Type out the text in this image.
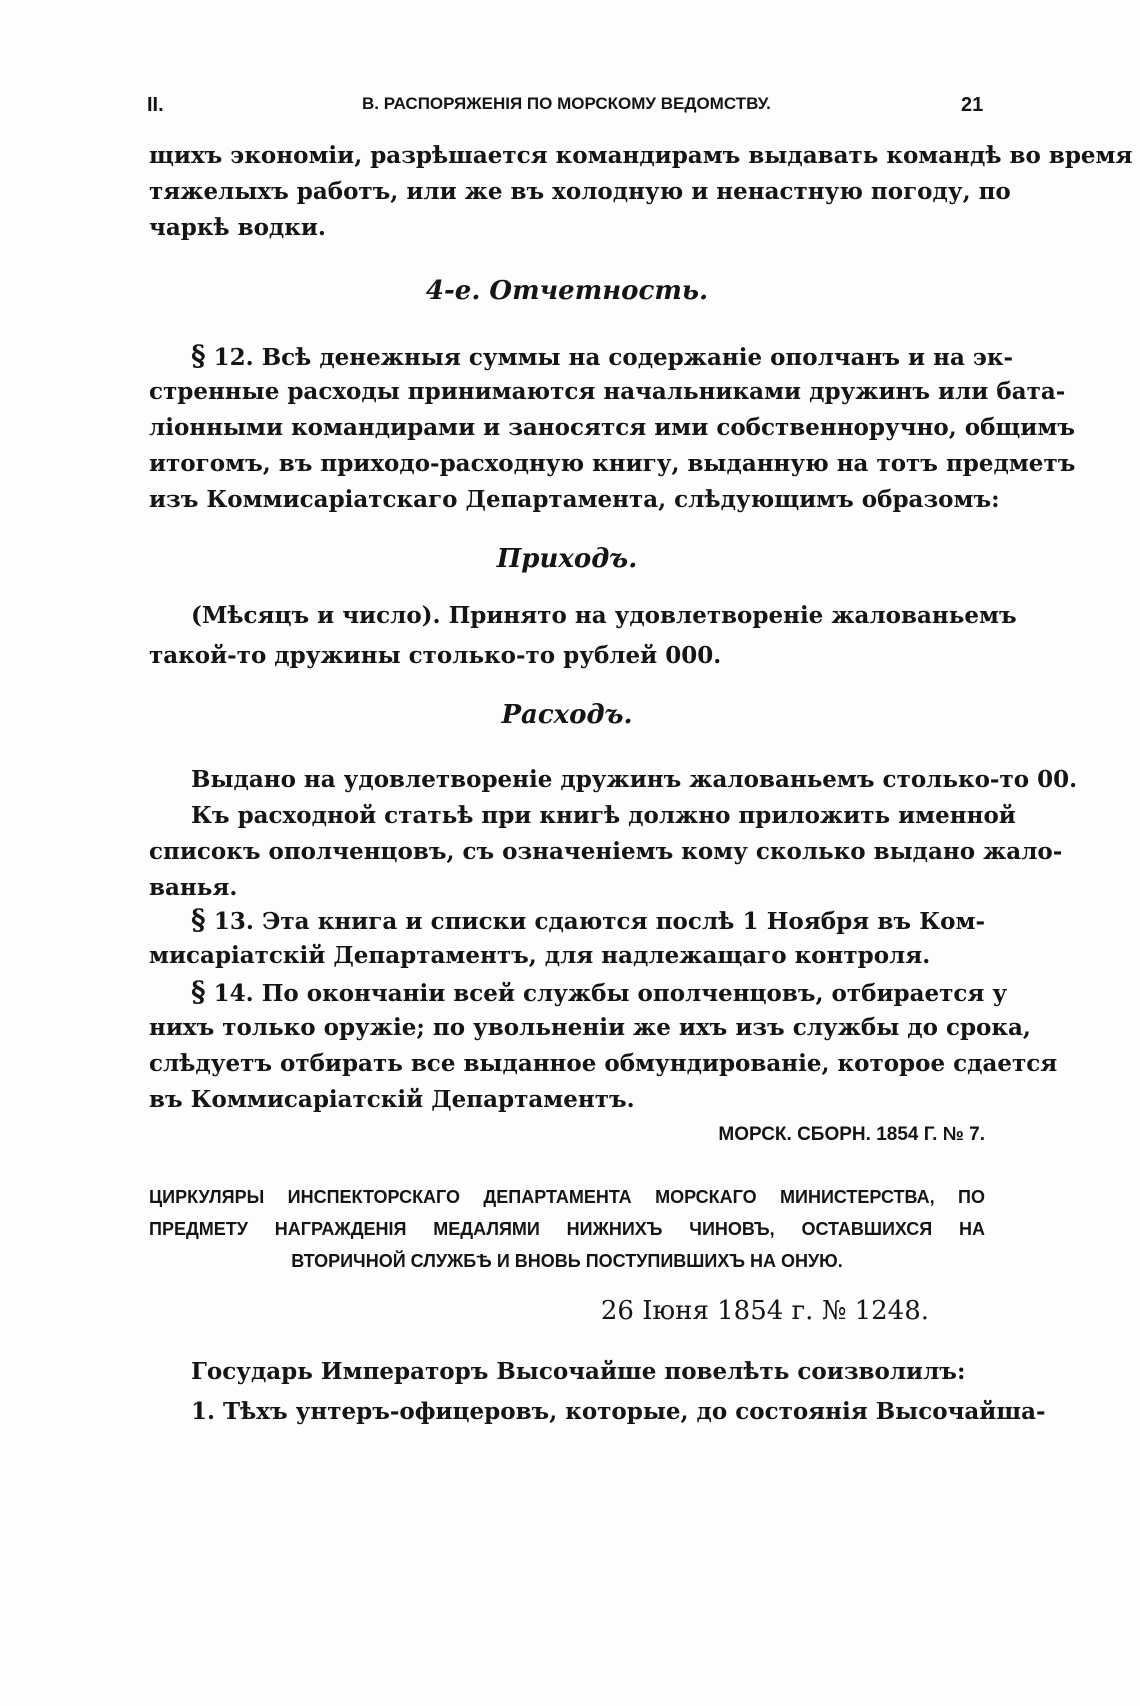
II.	В. РАСПОРЯЖЕНІЯ ПО МОРСКОМУ ВЕДОМСТВУ.	21
щихъ экономіи, разрѣшается командирамъ выдавать командѣ во время
тяжелыхъ работъ, или же въ холодную и ненастную погоду, по
чаркѣ водки.
4-е. Отчетность.
§ 12. Всѣ денежныя суммы на содержаніе ополчанъ и на эк-
стренные расходы принимаются начальниками дружинъ или бата-
ліонными командирами и заносятся ими собственноручно, общимъ
итогомъ, въ приходо-расходную книгу, выданную на тотъ предметъ
изъ Коммисаріатскаго Департамента, слѣдующимъ образомъ:
Приходъ.
(Мѣсяцъ и число). Принято на удовлетвореніе жалованьемъ
такой-то дружины столько-то рублей 000.
Расходъ.
Выдано на удовлетвореніе дружинъ жалованьемъ столько-то 00.
Къ расходной статьѣ при книгѣ должно приложить именной
списокъ ополченцовъ, съ означеніемъ кому сколько выдано жало-
ванья.
§ 13. Эта книга и списки сдаются послѣ 1 Ноября въ Ком-
мисаріатскій Департаментъ, для надлежащаго контроля.
§ 14. По окончаніи всей службы ополченцовъ, отбирается у
нихъ только оружіе; по увольненіи же ихъ изъ службы до срока,
слѣдуетъ отбирать все выданное обмундированіе, которое сдается
въ Коммисаріатскій Департаментъ.
МОРСК. СБОРН. 1854 Г. № 7.
ЦИРКУЛЯРЫ ИНСПЕКТОРСКАГО ДЕПАРТАМЕНТА МОРСКАГО МИНИСТЕРСТВА, ПО
ПРЕДМЕТУ НАГРАЖДЕНІЯ МЕДАЛЯМИ НИЖНИХЪ ЧИНОВЪ, ОСТАВШИХСЯ НА
ВТОРИЧНОЙ СЛУЖБѢ И ВНОВЬ ПОСТУПИВШИХЪ НА ОНУЮ.
26 Іюня 1854 г. № 1248.
Государь Императоръ Высочайше повелѣть соизволилъ:
1. Тѣхъ унтеръ-офицеровъ, которые, до состоянія Высочайша-
